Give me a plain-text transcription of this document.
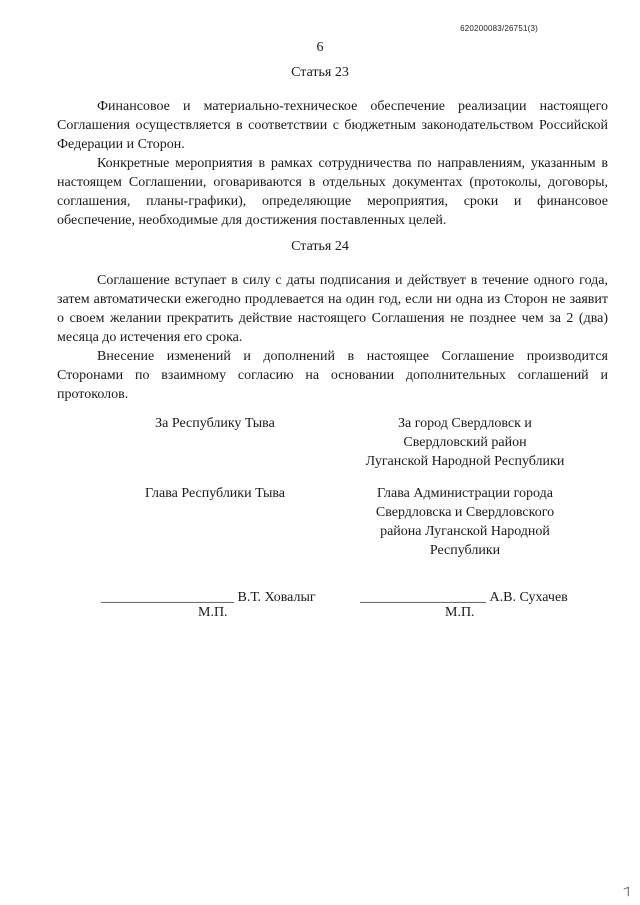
620200083/26751(3)
6
Статья 23

Финансовое и материально-техническое обеспечение реализации настоящего Соглашения осуществляется в соответствии с бюджетным законодательством Российской Федерации и Сторон.

Конкретные мероприятия в рамках сотрудничества по направлениям, указанным в настоящем Соглашении, оговариваются в отдельных документах (протоколы, договоры, соглашения, планы-графики), определяющие мероприятия, сроки и финансовое обеспечение, необходимые для достижения поставленных целей.

Статья 24

Соглашение вступает в силу с даты подписания и действует в течение одного года, затем автоматически ежегодно продлевается на один год, если ни одна из Сторон не заявит о своем желании прекратить действие настоящего Соглашения не позднее чем за 2 (два) месяца до истечения его срока.

Внесение изменений и дополнений в настоящее Соглашение производится Сторонами по взаимному согласию на основании дополнительных соглашений и протоколов.

За Республику Тыва
Глава Республики Тыва
За город Свердловск и
Свердловский район
Луганской Народной Республики
Глава Администрации города
Свердловска и Свердловского
района Луганской Народной
Республики
___________________ В.Т. Ховалыг
М.П.
__________________ А.В. Сухачев
М.П.
7
